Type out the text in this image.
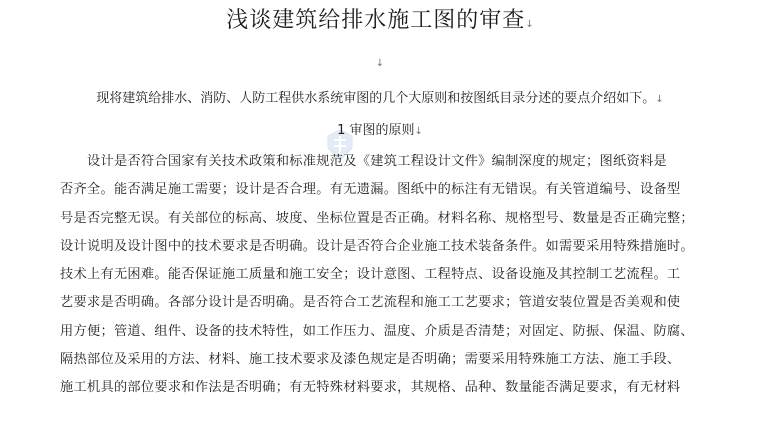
浅谈建筑给排水施工图的审查↓
↓
现将建筑给排水、消防、人防工程供水系统审图的几个大原则和按图纸目录分述的要点介绍如下。↓
1 审图的原则↓
设计是否符合国家有关技术政策和标准规范及《建筑工程设计文件》编制深度的规定；图纸资料是
否齐全。能否满足施工需要；设计是否合理。有无遗漏。图纸中的标注有无错误。有关管道编号、设备型
号是否完整无误。有关部位的标高、坡度、坐标位置是否正确。材料名称、规格型号、数量是否正确完整；
设计说明及设计图中的技术要求是否明确。设计是否符合企业施工技术装备条件。如需要采用特殊措施时。
技术上有无困难。能否保证施工质量和施工安全；设计意图、工程特点、设备设施及其控制工艺流程。工
艺要求是否明确。各部分设计是否明确。是否符合工艺流程和施工工艺要求；管道安装位置是否美观和使
用方便；管道、组件、设备的技术特性，如工作压力、温度、介质是否清楚；对固定、防振、保温、防腐、
隔热部位及采用的方法、材料、施工技术要求及漆色规定是否明确；需要采用特殊施工方法、施工手段、
施工机具的部位要求和作法是否明确；有无特殊材料要求，其规格、品种、数量能否满足要求，有无材料
